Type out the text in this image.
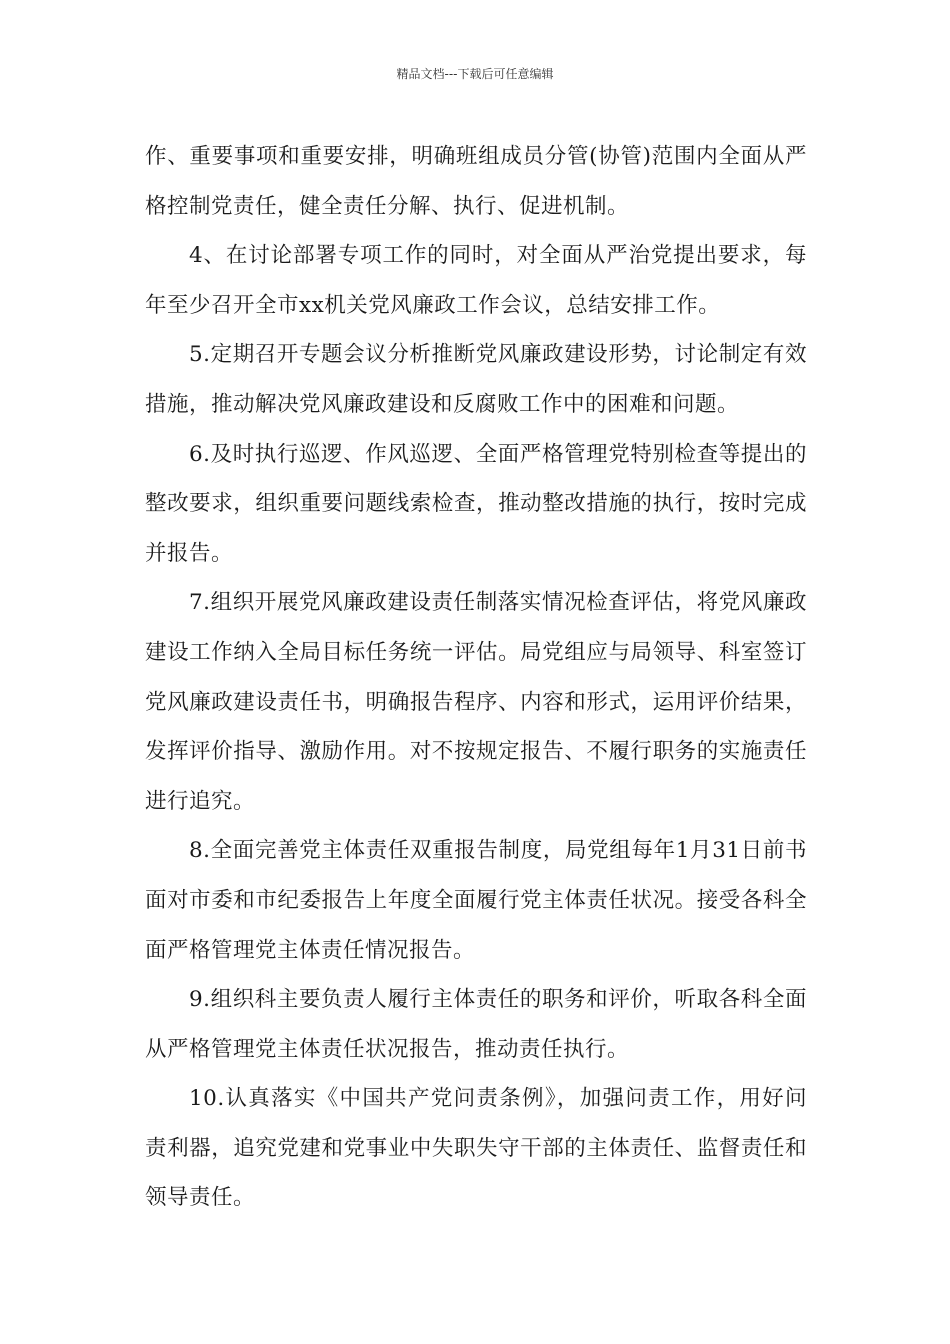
精品文档---下载后可任意编辑

作、重要事项和重要安排，明确班组成员分管(协管)范围内全面从严格控制党责任，健全责任分解、执行、促进机制。

4、在讨论部署专项工作的同时，对全面从严治党提出要求，每年至少召开全市xx机关党风廉政工作会议，总结安排工作。

5.定期召开专题会议分析推断党风廉政建设形势，讨论制定有效措施，推动解决党风廉政建设和反腐败工作中的困难和问题。

6.及时执行巡逻、作风巡逻、全面严格管理党特别检查等提出的整改要求，组织重要问题线索检查，推动整改措施的执行，按时完成并报告。

7.组织开展党风廉政建设责任制落实情况检查评估，将党风廉政建设工作纳入全局目标任务统一评估。局党组应与局领导、科室签订党风廉政建设责任书，明确报告程序、内容和形式，运用评价结果，发挥评价指导、激励作用。对不按规定报告、不履行职务的实施责任进行追究。

8.全面完善党主体责任双重报告制度，局党组每年1月31日前书面对市委和市纪委报告上年度全面履行党主体责任状况。接受各科全面严格管理党主体责任情况报告。

9.组织科主要负责人履行主体责任的职务和评价，听取各科全面从严格管理党主体责任状况报告，推动责任执行。

10.认真落实《中国共产党问责条例》，加强问责工作，用好问责利器，追究党建和党事业中失职失守干部的主体责任、监督责任和领导责任。
